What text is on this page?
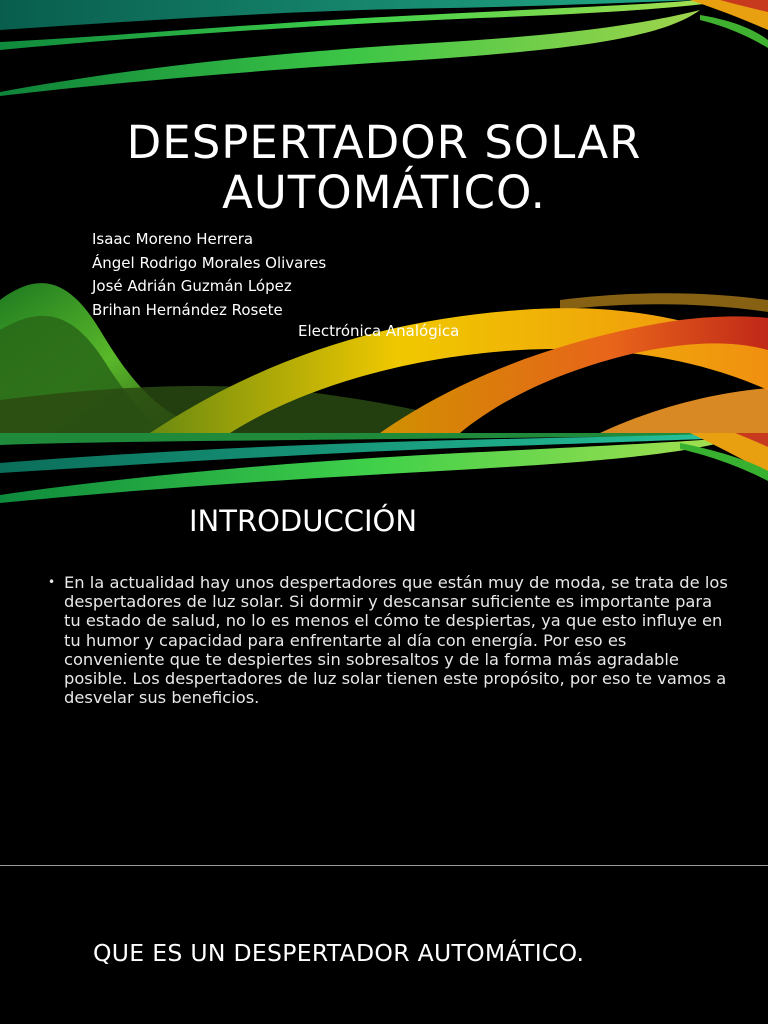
DESPERTADOR SOLAR
AUTOMÁTICO.
Isaac Moreno Herrera
Ángel Rodrigo Morales Olivares
José Adrián Guzmán López
Brihan Hernández Rosete
Electrónica Analógica
INTRODUCCIÓN
• En la actualidad hay unos despertadores que están muy de moda, se trata de los despertadores de luz solar. Si dormir y descansar suficiente es importante para tu estado de salud, no lo es menos el cómo te despiertas, ya que esto influye en tu humor y capacidad para enfrentarte al día con energía. Por eso es conveniente que te despiertes sin sobresaltos y de la forma más agradable posible. Los despertadores de luz solar tienen este propósito, por eso te vamos a desvelar sus beneficios.
QUE ES UN DESPERTADOR AUTOMÁTICO.
